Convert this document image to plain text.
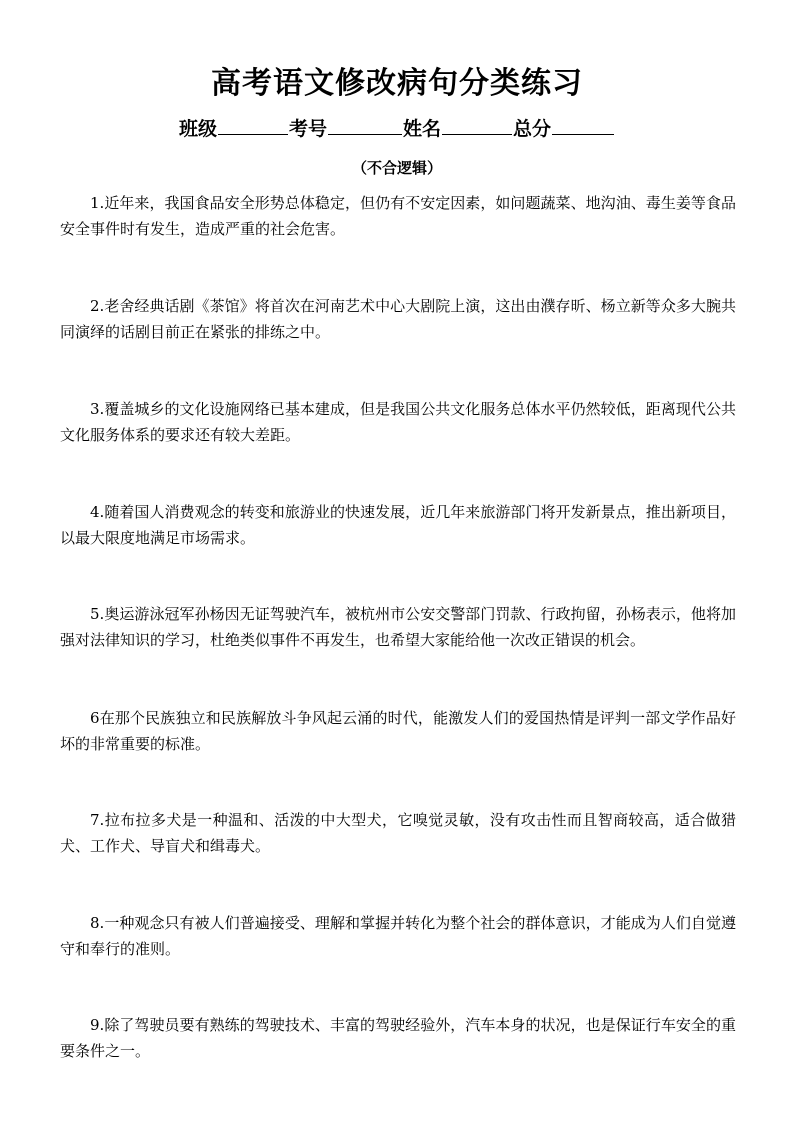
高考语文修改病句分类练习
班级	考号	姓名	总分
（不合逻辑）

1.近年来，我国食品安全形势总体稳定，但仍有不安定因素，如问题蔬菜、地沟油、毒生姜等食品安全事件时有发生，造成严重的社会危害。

2.老舍经典话剧《茶馆》将首次在河南艺术中心大剧院上演，这出由濮存昕、杨立新等众多大腕共同演绎的话剧目前正在紧张的排练之中。

3.覆盖城乡的文化设施网络已基本建成，但是我国公共文化服务总体水平仍然较低，距离现代公共文化服务体系的要求还有较大差距。

4.随着国人消费观念的转变和旅游业的快速发展，近几年来旅游部门将开发新景点，推出新项目，以最大限度地满足市场需求。

5.奥运游泳冠军孙杨因无证驾驶汽车，被杭州市公安交警部门罚款、行政拘留，孙杨表示，他将加强对法律知识的学习，杜绝类似事件不再发生，也希望大家能给他一次改正错误的机会。

6在那个民族独立和民族解放斗争风起云涌的时代，能激发人们的爱国热情是评判一部文学作品好坏的非常重要的标准。

7.拉布拉多犬是一种温和、活泼的中大型犬，它嗅觉灵敏，没有攻击性而且智商较高，适合做猎犬、工作犬、导盲犬和缉毒犬。

8.一种观念只有被人们普遍接受、理解和掌握并转化为整个社会的群体意识，才能成为人们自觉遵守和奉行的准则。

9.除了驾驶员要有熟练的驾驶技术、丰富的驾驶经验外，汽车本身的状况，也是保证行车安全的重要条件之一。
